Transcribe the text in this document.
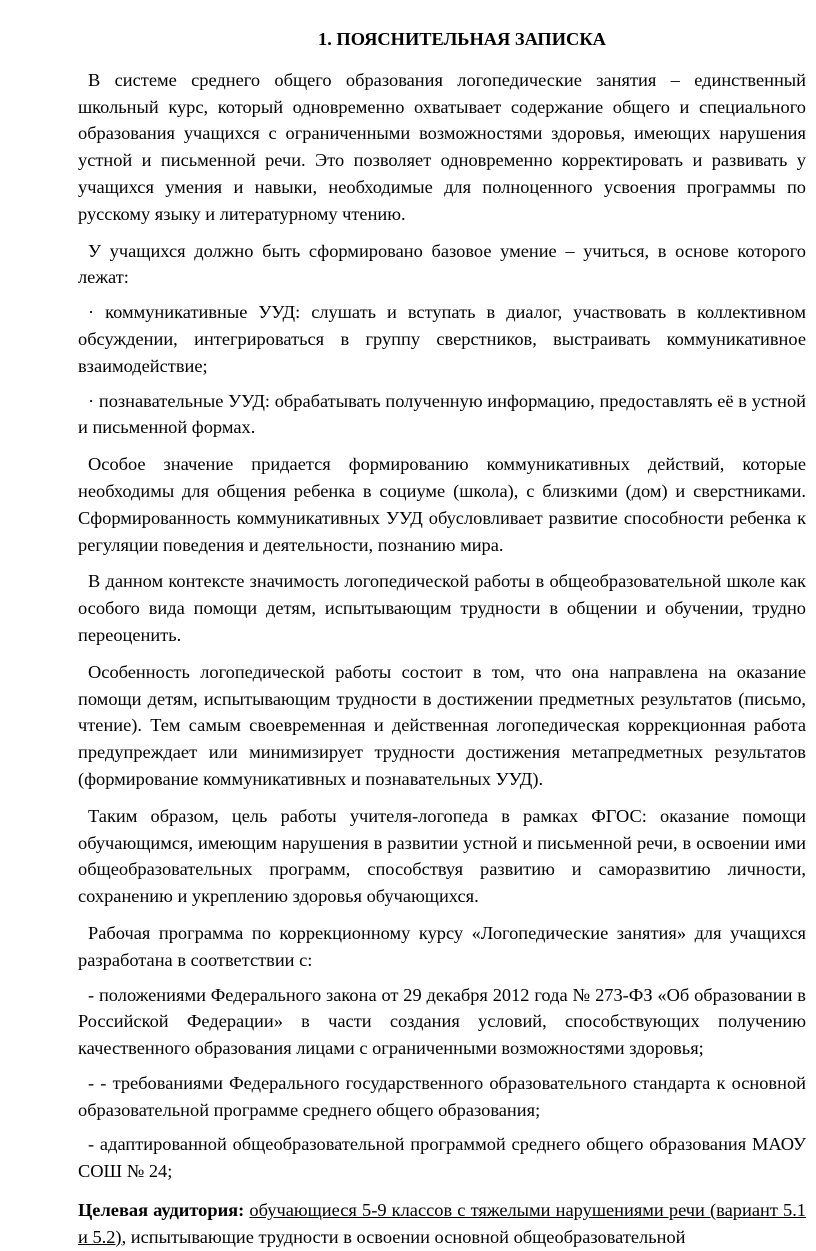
1. ПОЯСНИТЕЛЬНАЯ ЗАПИСКА

В системе среднего общего образования логопедические занятия – единственный школьный курс, который одновременно охватывает содержание общего и специального образования учащихся с ограниченными возможностями здоровья, имеющих нарушения устной и письменной речи. Это позволяет одновременно корректировать и развивать у учащихся умения и навыки, необходимые для полноценного усвоения программы по русскому языку и литературному чтению.

У учащихся должно быть сформировано базовое умение – учиться, в основе которого лежат:

· коммуникативные УУД: слушать и вступать в диалог, участвовать в коллективном обсуждении, интегрироваться в группу сверстников, выстраивать коммуникативное взаимодействие;

· познавательные УУД: обрабатывать полученную информацию, предоставлять её в устной и письменной формах.

Особое значение придается формированию коммуникативных действий, которые необходимы для общения ребенка в социуме (школа), с близкими (дом) и сверстниками. Сформированность коммуникативных УУД обусловливает развитие способности ребенка к регуляции поведения и деятельности, познанию мира.

В данном контексте значимость логопедической работы в общеобразовательной школе как особого вида помощи детям, испытывающим трудности в общении и обучении, трудно переоценить.

Особенность логопедической работы состоит в том, что она направлена на оказание помощи детям, испытывающим трудности в достижении предметных результатов (письмо, чтение). Тем самым своевременная и действенная логопедическая коррекционная работа предупреждает или минимизирует трудности достижения метапредметных результатов (формирование коммуникативных и познавательных УУД).

Таким образом, цель работы учителя-логопеда в рамках ФГОС: оказание помощи обучающимся, имеющим нарушения в развитии устной и письменной речи, в освоении ими общеобразовательных программ, способствуя развитию и саморазвитию личности, сохранению и укреплению здоровья обучающихся.

Рабочая программа по коррекционному курсу «Логопедические занятия» для учащихся разработана в соответствии с:

- положениями Федерального закона от 29 декабря 2012 года № 273-ФЗ «Об образовании в Российской Федерации» в части создания условий, способствующих получению качественного образования лицами с ограниченными возможностями здоровья;

- - требованиями Федерального государственного образовательного стандарта к основной образовательной программе среднего общего образования;

- адаптированной общеобразовательной программой среднего общего образования МАОУ СОШ № 24;

Целевая аудитория: обучающиеся 5-9 классов с тяжелыми нарушениями речи (вариант 5.1 и 5.2), испытывающие трудности в освоении основной общеобразовательной
